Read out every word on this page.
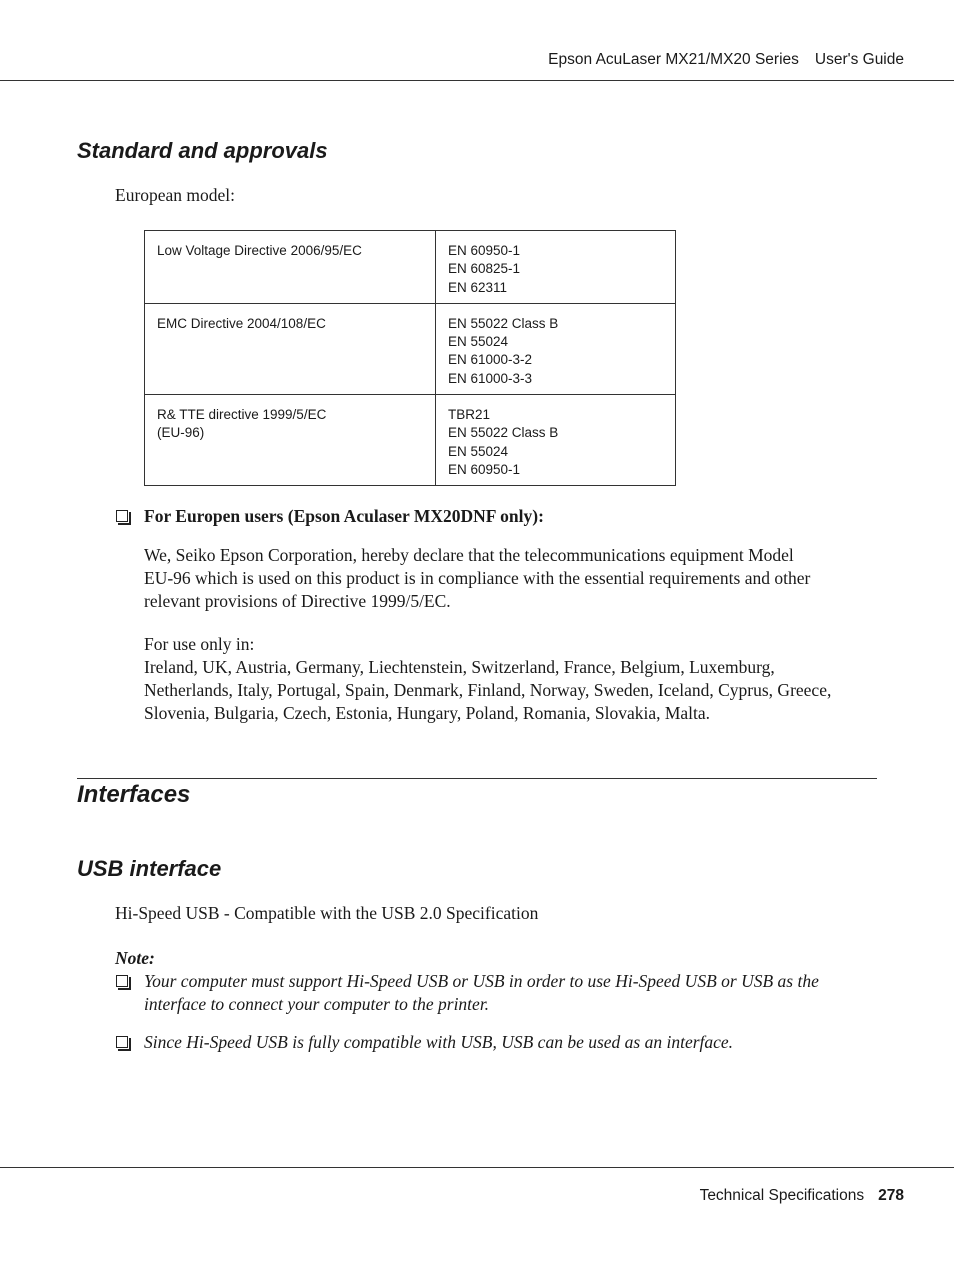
Epson AcuLaser MX21/MX20 Series User's Guide
Standard and approvals
European model:
Low Voltage Directive 2006/95/EC	EN 60950-1
EN 60825-1
EN 62311

EMC Directive 2004/108/EC	EN 55022 Class B
EN 55024
EN 61000-3-2
EN 61000-3-3

R& TTE directive 1999/5/EC
(EU-96)	TBR21
EN 55022 Class B
EN 55024
EN 60950-1
For Europen users (Epson Aculaser MX20DNF only):
We, Seiko Epson Corporation, hereby declare that the telecommunications equipment Model
EU-96 which is used on this product is in compliance with the essential requirements and other
relevant provisions of Directive 1999/5/EC.
For use only in:
Ireland, UK, Austria, Germany, Liechtenstein, Switzerland, France, Belgium, Luxemburg,
Netherlands, Italy, Portugal, Spain, Denmark, Finland, Norway, Sweden, Iceland, Cyprus, Greece,
Slovenia, Bulgaria, Czech, Estonia, Hungary, Poland, Romania, Slovakia, Malta.
Interfaces
USB interface
Hi-Speed USB - Compatible with the USB 2.0 Specification
Note:
Your computer must support Hi-Speed USB or USB in order to use Hi-Speed USB or USB as the
interface to connect your computer to the printer.
Since Hi-Speed USB is fully compatible with USB, USB can be used as an interface.
Technical Specifications 278
